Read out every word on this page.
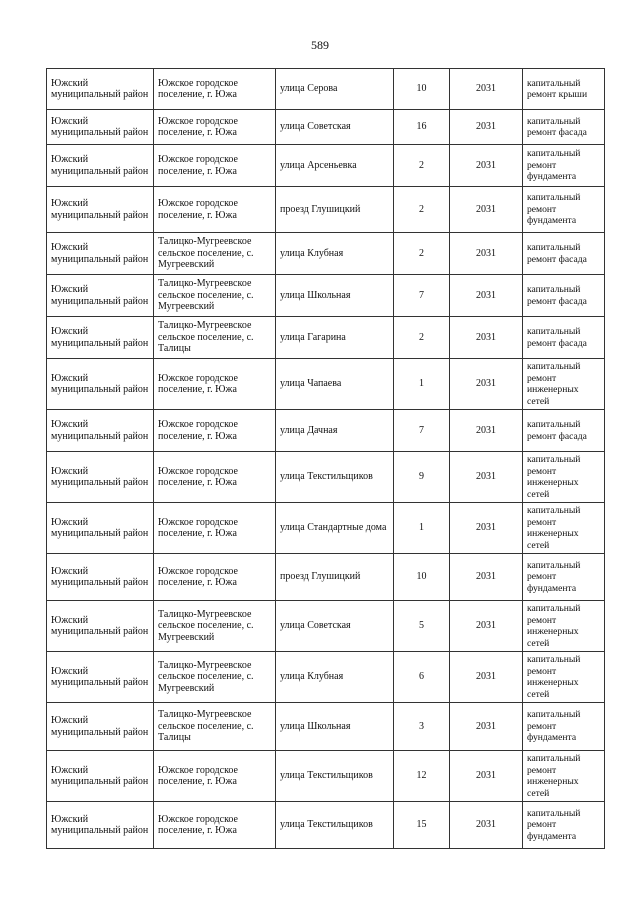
589
Южский муниципальный район	Южское городское поселение, г. Южа	улица Серова	10	2031	капитальный ремонт крыши
Южский муниципальный район	Южское городское поселение, г. Южа	улица Советская	16	2031	капитальный ремонт фасада
Южский муниципальный район	Южское городское поселение, г. Южа	улица Арсеньевка	2	2031	капитальный ремонт фундамента
Южский муниципальный район	Южское городское поселение, г. Южа	проезд Глушицкий	2	2031	капитальный ремонт фундамента
Южский муниципальный район	Талицко-Мугреевское сельское поселение, с. Мугреевский	улица Клубная	2	2031	капитальный ремонт фасада
Южский муниципальный район	Талицко-Мугреевское сельское поселение, с. Мугреевский	улица Школьная	7	2031	капитальный ремонт фасада
Южский муниципальный район	Талицко-Мугреевское сельское поселение, с. Талицы	улица Гагарина	2	2031	капитальный ремонт фасада
Южский муниципальный район	Южское городское поселение, г. Южа	улица Чапаева	1	2031	капитальный ремонт инженерных сетей
Южский муниципальный район	Южское городское поселение, г. Южа	улица Дачная	7	2031	капитальный ремонт фасада
Южский муниципальный район	Южское городское поселение, г. Южа	улица Текстильщиков	9	2031	капитальный ремонт инженерных сетей
Южский муниципальный район	Южское городское поселение, г. Южа	улица Стандартные дома	1	2031	капитальный ремонт инженерных сетей
Южский муниципальный район	Южское городское поселение, г. Южа	проезд Глушицкий	10	2031	капитальный ремонт фундамента
Южский муниципальный район	Талицко-Мугреевское сельское поселение, с. Мугреевский	улица Советская	5	2031	капитальный ремонт инженерных сетей
Южский муниципальный район	Талицко-Мугреевское сельское поселение, с. Мугреевский	улица Клубная	6	2031	капитальный ремонт инженерных сетей
Южский муниципальный район	Талицко-Мугреевское сельское поселение, с. Талицы	улица Школьная	3	2031	капитальный ремонт фундамента
Южский муниципальный район	Южское городское поселение, г. Южа	улица Текстильщиков	12	2031	капитальный ремонт инженерных сетей
Южский муниципальный район	Южское городское поселение, г. Южа	улица Текстильщиков	15	2031	капитальный ремонт фундамента
